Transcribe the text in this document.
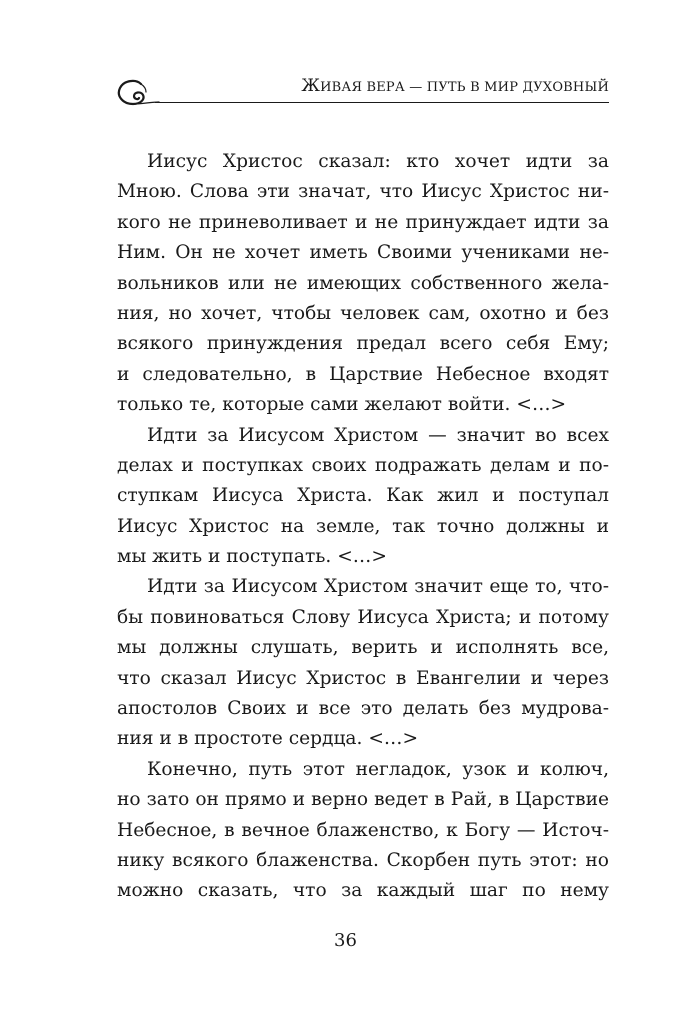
ЖИВАЯ ВЕРА — ПУТЬ В МИР ДУХОВНЫЙ
Иисус Христос сказал: кто хочет идти за
Мною. Слова эти значат, что Иисус Христос ни-
кого не приневоливает и не принуждает идти за
Ним. Он не хочет иметь Своими учениками не-
вольников или не имеющих собственного жела-
ния, но хочет, чтобы человек сам, охотно и без
всякого принуждения предал всего себя Ему;
и следовательно, в Царствие Небесное входят
только те, которые сами желают войти. <…>
Идти за Иисусом Христом — значит во всех
делах и поступках своих подражать делам и по-
ступкам Иисуса Христа. Как жил и поступал
Иисус Христос на земле, так точно должны и
мы жить и поступать. <…>
Идти за Иисусом Христом значит еще то, что-
бы повиноваться Слову Иисуса Христа; и потому
мы должны слушать, верить и исполнять все,
что сказал Иисус Христос в Евангелии и через
апостолов Своих и все это делать без мудрова-
ния и в простоте сердца. <…>
Конечно, путь этот негладок, узок и колюч,
но зато он прямо и верно ведет в Рай, в Царствие
Небесное, в вечное блаженство, к Богу — Источ-
нику всякого блаженства. Скорбен путь этот: но
можно сказать, что за каждый шаг по нему
36
